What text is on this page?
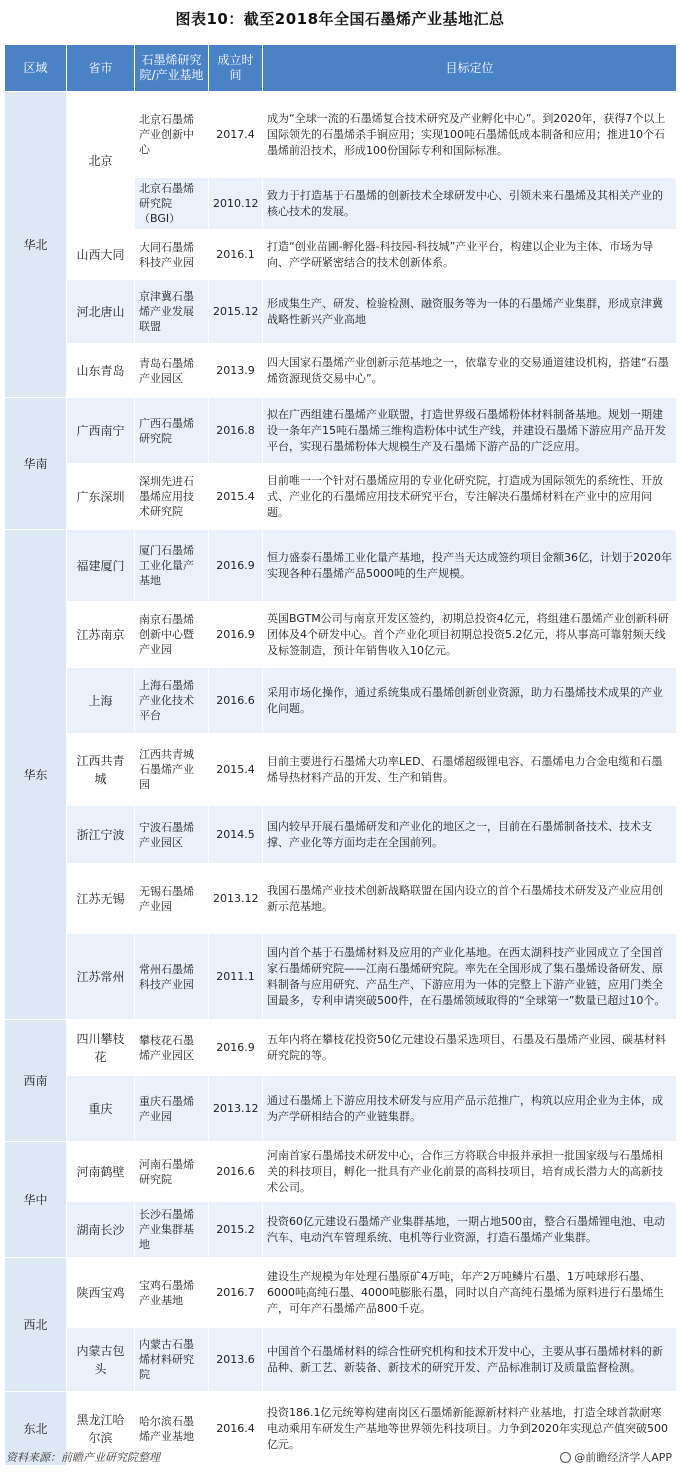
图表10：截至2018年全国石墨烯产业基地汇总
区域	省市	石墨烯研究院/产业基地	成立时间	目标定位
华北	北京	北京石墨烯产业创新中心	2017.4	成为“全球一流的石墨烯复合技术研究及产业孵化中心”。到2020年，获得7个以上国际领先的石墨烯杀手锏应用；实现100吨石墨烯低成本制备和应用；推进10个石墨烯前沿技术，形成100份国际专利和国际标准。
		北京石墨烯研究院（BGI）	2010.12	致力于打造基于石墨烯的创新技术全球研发中心、引领未来石墨烯及其相关产业的核心技术的发展。
	山西大同	大同石墨烯科技产业园	2016.1	打造“创业苗圃-孵化器-科技园-科技城”产业平台，构建以企业为主体、市场为导向、产学研紧密结合的技术创新体系。
	河北唐山	京津冀石墨烯产业发展联盟	2015.12	形成集生产、研发、检验检测、融资服务等为一体的石墨烯产业集群，形成京津冀战略性新兴产业高地
	山东青岛	青岛石墨烯产业园区	2013.9	四大国家石墨烯产业创新示范基地之一，依靠专业的交易通道建设机构，搭建“石墨烯资源现货交易中心”。
华南	广西南宁	广西石墨烯研究院	2016.8	拟在广西组建石墨烯产业联盟，打造世界级石墨烯粉体材料制备基地。规划一期建设一条年产15吨石墨烯三维构造粉体中试生产线，并建设石墨烯下游应用产品开发平台，实现石墨烯粉体大规模生产及石墨烯下游产品的广泛应用。
	广东深圳	深圳先进石墨烯应用技术研究院	2015.4	目前唯一一个针对石墨烯应用的专业化研究院，打造成为国际领先的系统性、开放式、产业化的石墨烯应用技术研究平台，专注解决石墨烯材料在产业中的应用问题。
华东	福建厦门	厦门石墨烯工业化量产基地	2016.9	恒力盛泰石墨烯工业化量产基地，投产当天达成签约项目金额36亿，计划于2020年实现各种石墨烯产品5000吨的生产规模。
	江苏南京	南京石墨烯创新中心暨产业园	2016.9	英国BGTM公司与南京开发区签约，初期总投资4亿元，将组建石墨烯产业创新科研团体及4个研发中心。首个产业化项目初期总投资5.2亿元，将从事高可靠射频天线及标签制造，预计年销售收入10亿元。
	上海	上海石墨烯产业化技术平台	2016.6	采用市场化操作，通过系统集成石墨烯创新创业资源，助力石墨烯技术成果的产业化问题。
	江西共青城	江西共青城石墨烯产业园	2015.4	目前主要进行石墨烯大功率LED、石墨烯超级锂电容、石墨烯电力合金电缆和石墨烯导热材料产品的开发、生产和销售。
	浙江宁波	宁波石墨烯产业园区	2014.5	国内较早开展石墨烯研发和产业化的地区之一，目前在石墨烯制备技术、技术支撑、产业化等方面均走在全国前列。
	江苏无锡	无锡石墨烯产业园	2013.12	我国石墨烯产业技术创新战略联盟在国内设立的首个石墨烯技术研发及产业应用创新示范基地。
	江苏常州	常州石墨烯科技产业园	2011.1	国内首个基于石墨烯材料及应用的产业化基地。在西太湖科技产业园成立了全国首家石墨烯研究院——江南石墨烯研究院。率先在全国形成了集石墨烯设备研发、原料制备与应用研究、产品生产、下游应用为一体的完整上下游产业链，应用门类全国最多，专利申请突破500件，在石墨烯领域取得的“全球第一”数量已超过10个。
西南	四川攀枝花	攀枝花石墨烯产业园区	2016.9	五年内将在攀枝花投资50亿元建设石墨采选项目、石墨及石墨烯产业园、碳基材料研究院的等。
	重庆	重庆石墨烯产业园	2013.12	通过石墨烯上下游应用技术研发与应用产品示范推广，构筑以应用企业为主体，成为产学研相结合的产业链集群。
华中	河南鹤壁	河南石墨烯研究院	2016.6	河南首家石墨烯技术研发中心，合作三方将联合申报并承担一批国家级与石墨烯相关的科技项目，孵化一批具有产业化前景的高科技项目，培育成长潜力大的高新技术公司。
	湖南长沙	长沙石墨烯产业集群基地	2015.2	投资60亿元建设石墨烯产业集群基地，一期占地500亩，整合石墨烯锂电池、电动汽车、电动汽车管理系统、电机等行业资源，打造石墨烯产业集群。
西北	陕西宝鸡	宝鸡石墨烯产业基地	2016.7	建设生产规模为年处理石墨原矿4万吨，年产2万吨鳞片石墨、1万吨球形石墨、6000吨高纯石墨、4000吨膨胀石墨，同时以自产高纯石墨烯为原料进行石墨烯生产，可年产石墨烯产品800千克。
	内蒙古包头	内蒙古石墨烯材料研究院	2013.6	中国首个石墨烯材料的综合性研究机构和技术开发中心，主要从事石墨烯材料的新品种、新工艺、新装备、新技术的研究开发、产品标准制订及质量监督检测。
东北	黑龙江哈尔滨	哈尔滨石墨烯产业基地	2016.4	投资186.1亿元统筹构建南岗区石墨烯新能源新材料产业基地，打造全球首款耐寒电动乘用车研发生产基地等世界领先科技项目。力争到2020年实现总产值突破500亿元。
资料来源：前瞻产业研究院整理	@前瞻经济学人APP
